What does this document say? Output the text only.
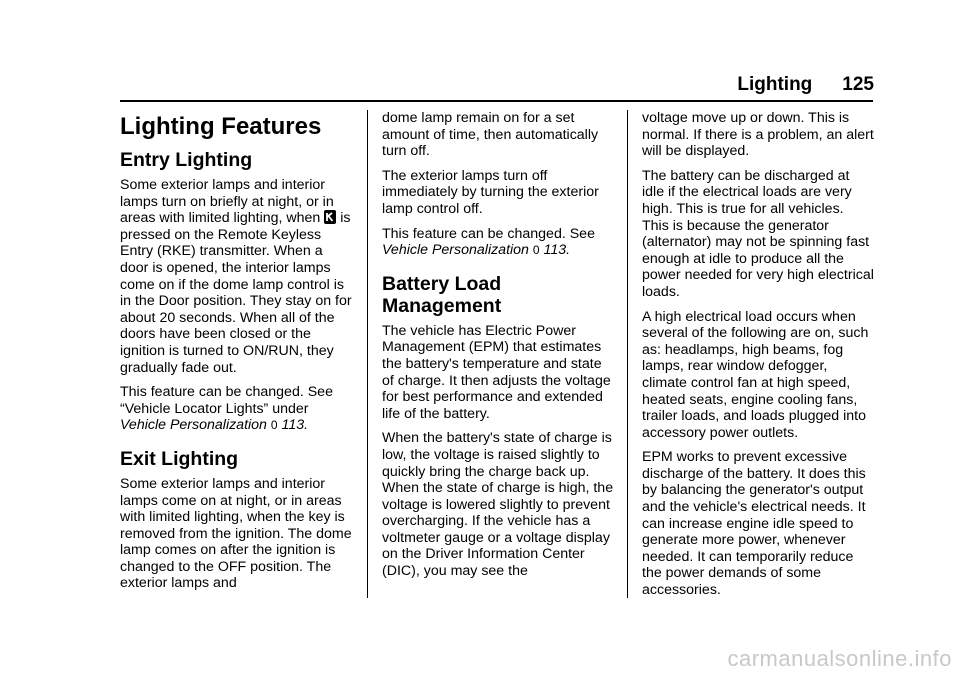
Lighting 125
Lighting Features
Entry Lighting

Some exterior lamps and interior lamps turn on briefly at night, or in areas with limited lighting, when is pressed on the Remote Keyless Entry (RKE) transmitter. When a door is opened, the interior lamps come on if the dome lamp control is in the Door position. They stay on for about 20 seconds. When all of the doors have been closed or the ignition is turned to ON/RUN, they gradually fade out.

This feature can be changed. See “Vehicle Locator Lights” under Vehicle Personalization 0 113.

Exit Lighting

Some exterior lamps and interior lamps come on at night, or in areas with limited lighting, when the key is removed from the ignition. The dome lamp comes on after the ignition is changed to the OFF position. The exterior lamps and

dome lamp remain on for a set amount of time, then automatically turn off.

The exterior lamps turn off immediately by turning the exterior lamp control off.

This feature can be changed. See
Vehicle Personalization 0 113.

Battery Load
Management

The vehicle has Electric Power Management (EPM) that estimates the battery's temperature and state of charge. It then adjusts the voltage for best performance and extended life of the battery.

When the battery's state of charge is low, the voltage is raised slightly to quickly bring the charge back up. When the state of charge is high, the voltage is lowered slightly to prevent overcharging. If the vehicle has a voltmeter gauge or a voltage display on the Driver Information Center (DIC), you may see the

voltage move up or down. This is normal. If there is a problem, an alert will be displayed.

The battery can be discharged at idle if the electrical loads are very high. This is true for all vehicles. This is because the generator (alternator) may not be spinning fast enough at idle to produce all the power needed for very high electrical loads.

A high electrical load occurs when several of the following are on, such as: headlamps, high beams, fog lamps, rear window defogger, climate control fan at high speed, heated seats, engine cooling fans, trailer loads, and loads plugged into accessory power outlets.

EPM works to prevent excessive discharge of the battery. It does this by balancing the generator's output and the vehicle's electrical needs. It can increase engine idle speed to generate more power, whenever needed. It can temporarily reduce the power demands of some accessories.

carmanualsonline.info
